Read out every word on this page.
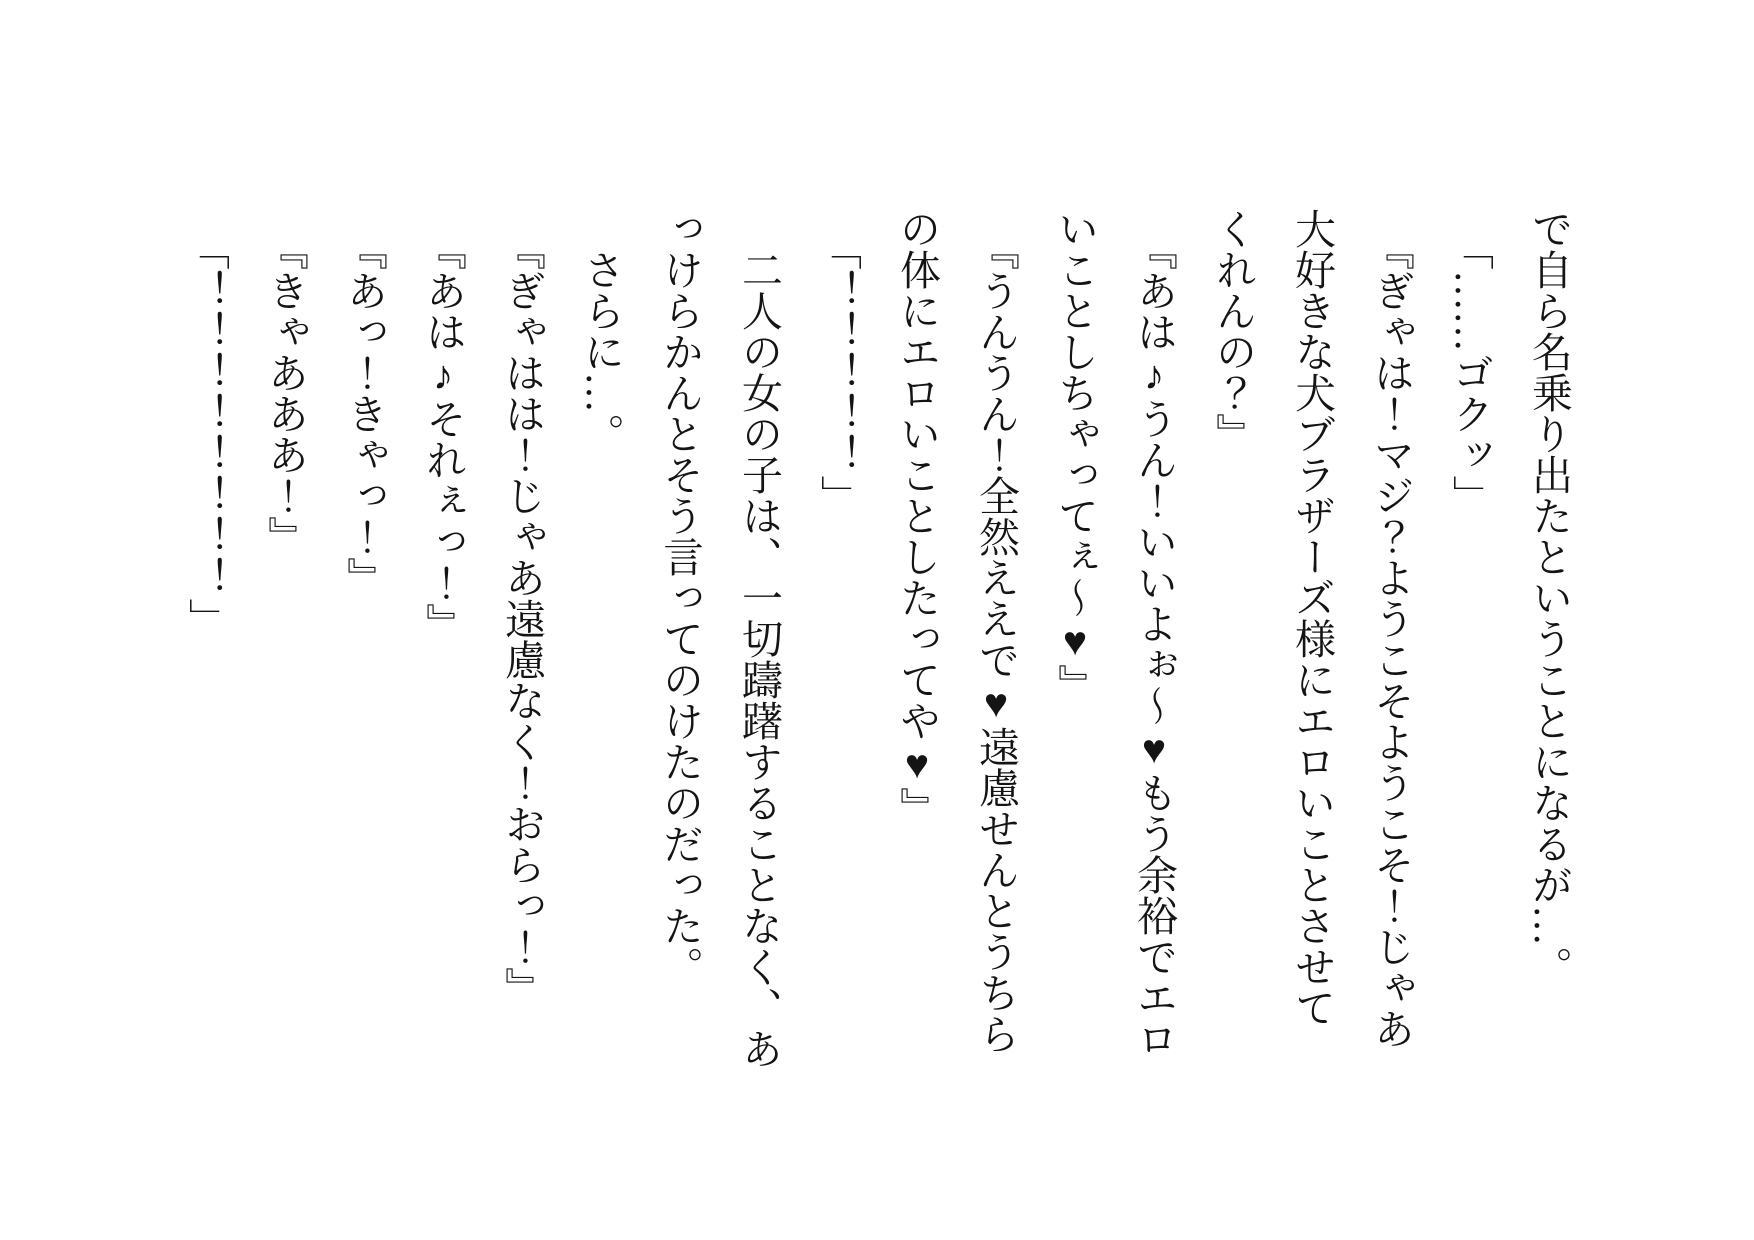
で自ら名乗り出たということになるが…。

「……ゴクッ」

『ぎゃは！マジ？ようこそようこそ！じゃあ

大好きな犬ブラザーズ様にエロいことさせて

くれんの？』

『あは♪うん！いいよぉ〜♥もう余裕でエロ

いことしちゃってぇ〜♥』

『うんうん！全然ええで♥遠慮せんとうちら

の体にエロいことしたってや♥』

「！！！！！」

二人の女の子は、一切躊躇することなく、あ

っけらかんとそう言ってのけたのだった。

さらに…。

『ぎゃはは！じゃあ遠慮なく！おらっ！』

『あは♪それぇっ！』

『あっ！きゃっ！』

『きゃあああ！』

「！！！！！！！！」
